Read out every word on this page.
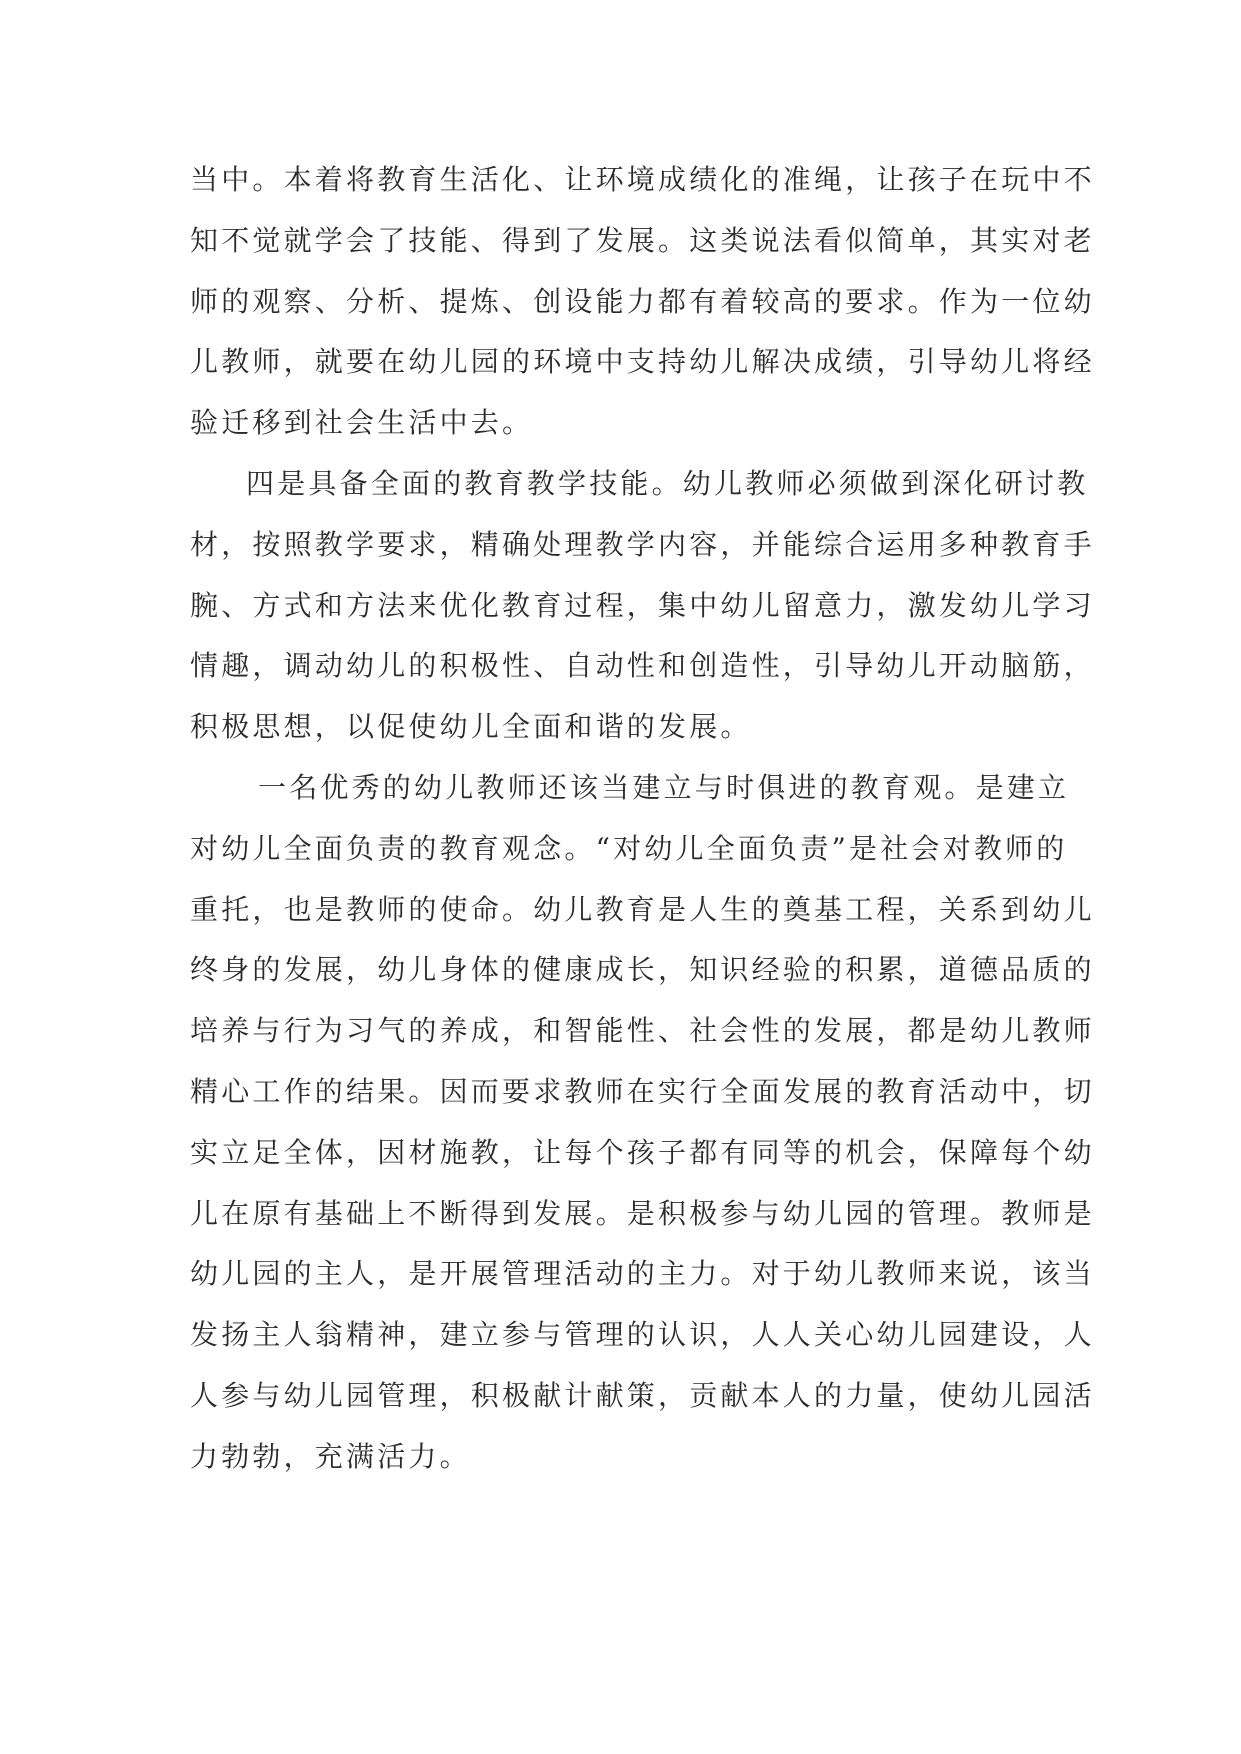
当中。本着将教育生活化、让环境成绩化的准绳，让孩子在玩中不
知不觉就学会了技能、得到了发展。这类说法看似简单，其实对老
师的观察、分析、提炼、创设能力都有着较高的要求。作为一位幼
儿教师，就要在幼儿园的环境中支持幼儿解决成绩，引导幼儿将经
验迁移到社会生活中去。
四是具备全面的教育教学技能。幼儿教师必须做到深化研讨教
材，按照教学要求，精确处理教学内容，并能综合运用多种教育手
腕、方式和方法来优化教育过程，集中幼儿留意力，激发幼儿学习
情趣，调动幼儿的积极性、自动性和创造性，引导幼儿开动脑筋，
积极思想，以促使幼儿全面和谐的发展。
一名优秀的幼儿教师还该当建立与时俱进的教育观。是建立
对幼儿全面负责的教育观念。“对幼儿全面负责”是社会对教师的
重托，也是教师的使命。幼儿教育是人生的奠基工程，关系到幼儿
终身的发展，幼儿身体的健康成长，知识经验的积累，道德品质的
培养与行为习气的养成，和智能性、社会性的发展，都是幼儿教师
精心工作的结果。因而要求教师在实行全面发展的教育活动中，切
实立足全体，因材施教，让每个孩子都有同等的机会，保障每个幼
儿在原有基础上不断得到发展。是积极参与幼儿园的管理。教师是
幼儿园的主人，是开展管理活动的主力。对于幼儿教师来说，该当
发扬主人翁精神，建立参与管理的认识，人人关心幼儿园建设，人
人参与幼儿园管理，积极献计献策，贡献本人的力量，使幼儿园活
力勃勃，充满活力。
